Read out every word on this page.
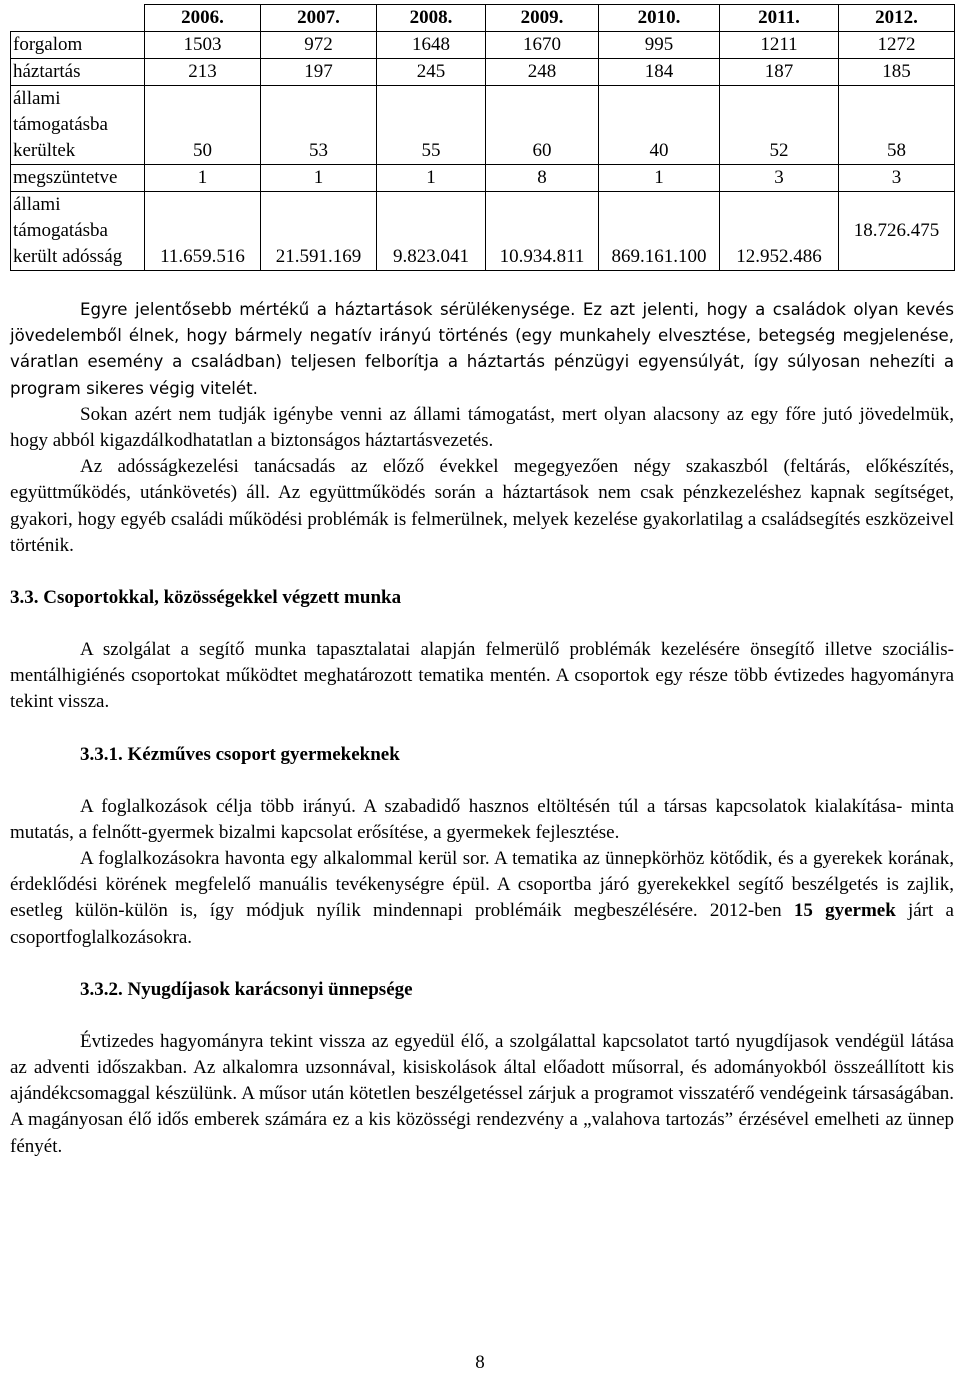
	2006.	2007.	2008.	2009.	2010.	2011.	2012.
forgalom	1503	972	1648	1670	995	1211	1272
háztartás	213	197	245	248	184	187	185
állami támogatásba kerültek	50	53	55	60	40	52	58
megszüntetve	1	1	1	8	1	3	3
állami támogatásba került adósság	11.659.516	21.591.169	9.823.041	10.934.811	869.161.100	12.952.486	18.726.475

Egyre jelentősebb mértékű a háztartások sérülékenysége. Ez azt jelenti, hogy a családok olyan kevés jövedelemből élnek, hogy bármely negatív irányú történés (egy munkahely elvesztése, betegség megjelenése, váratlan esemény a családban) teljesen felborítja a háztartás pénzügyi egyensúlyát, így súlyosan nehezíti a program sikeres végig vitelét.

Sokan azért nem tudják igénybe venni az állami támogatást, mert olyan alacsony az egy főre jutó jövedelmük, hogy abból kigazdálkodhatatlan a biztonságos háztartásvezetés.

Az adósságkezelési tanácsadás az előző évekkel megegyezően négy szakaszból (feltárás, előkészítés, együttműködés, utánkövetés) áll. Az együttműködés során a háztartások nem csak pénzkezeléshez kapnak segítséget, gyakori, hogy egyéb családi működési problémák is felmerülnek, melyek kezelése gyakorlatilag a családsegítés eszközeivel történik.

3.3. Csoportokkal, közösségekkel végzett munka

A szolgálat a segítő munka tapasztalatai alapján felmerülő problémák kezelésére önsegítő illetve szociális-mentálhigiénés csoportokat működtet meghatározott tematika mentén. A csoportok egy része több évtizedes hagyományra tekint vissza.

3.3.1. Kézműves csoport gyermekeknek

A foglalkozások célja több irányú. A szabadidő hasznos eltöltésén túl a társas kapcsolatok kialakítása- minta mutatás, a felnőtt-gyermek bizalmi kapcsolat erősítése, a gyermekek fejlesztése.

A foglalkozásokra havonta egy alkalommal kerül sor. A tematika az ünnepkörhöz kötődik, és a gyerekek korának, érdeklődési körének megfelelő manuális tevékenységre épül. A csoportba járó gyerekekkel segítő beszélgetés is zajlik, esetleg külön-külön is, így módjuk nyílik mindennapi problémáik megbeszélésére. 2012-ben 15 gyermek járt a csoportfoglalkozásokra.

3.3.2. Nyugdíjasok karácsonyi ünnepsége

Évtizedes hagyományra tekint vissza az egyedül élő, a szolgálattal kapcsolatot tartó nyugdíjasok vendégül látása az adventi időszakban. Az alkalomra uzsonnával, kisiskolások által előadott műsorral, és adományokból összeállított kis ajándékcsomaggal készülünk. A műsor után kötetlen beszélgetéssel zárjuk a programot visszatérő vendégeink társaságában. A magányosan élő idős emberek számára ez a kis közösségi rendezvény a „valahova tartozás” érzésével emelheti az ünnep fényét.

8
